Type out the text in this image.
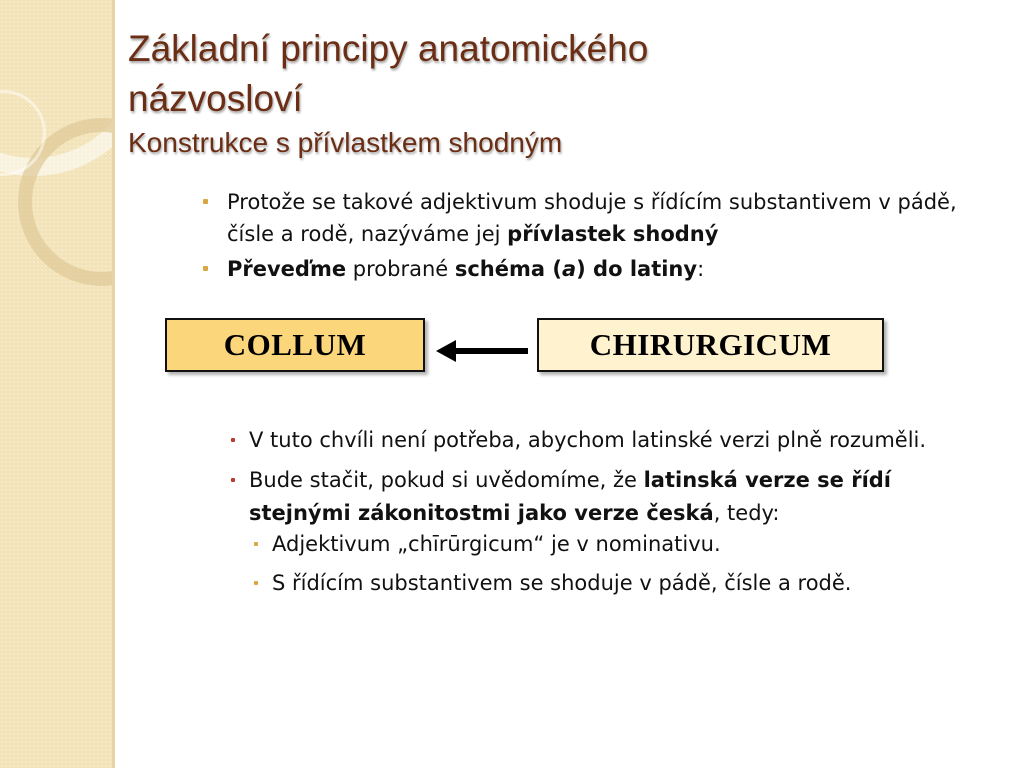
Základní principy anatomického
názvosloví
Konstrukce s přívlastkem shodným
Protože se takové adjektivum shoduje s řídícím substantivem v pádě, čísle a rodě, nazýváme jej přívlastek shodný
Převeďme probrané schéma (a) do latiny:
COLLUM	CHIRURGICUM
V tuto chvíli není potřeba, abychom latinské verzi plně rozuměli.
Bude stačit, pokud si uvědomíme, že latinská verze se řídí stejnými zákonitostmi jako verze česká, tedy:
Adjektivum „chīrūrgicum“ je v nominativu.
S řídícím substantivem se shoduje v pádě, čísle a rodě.
